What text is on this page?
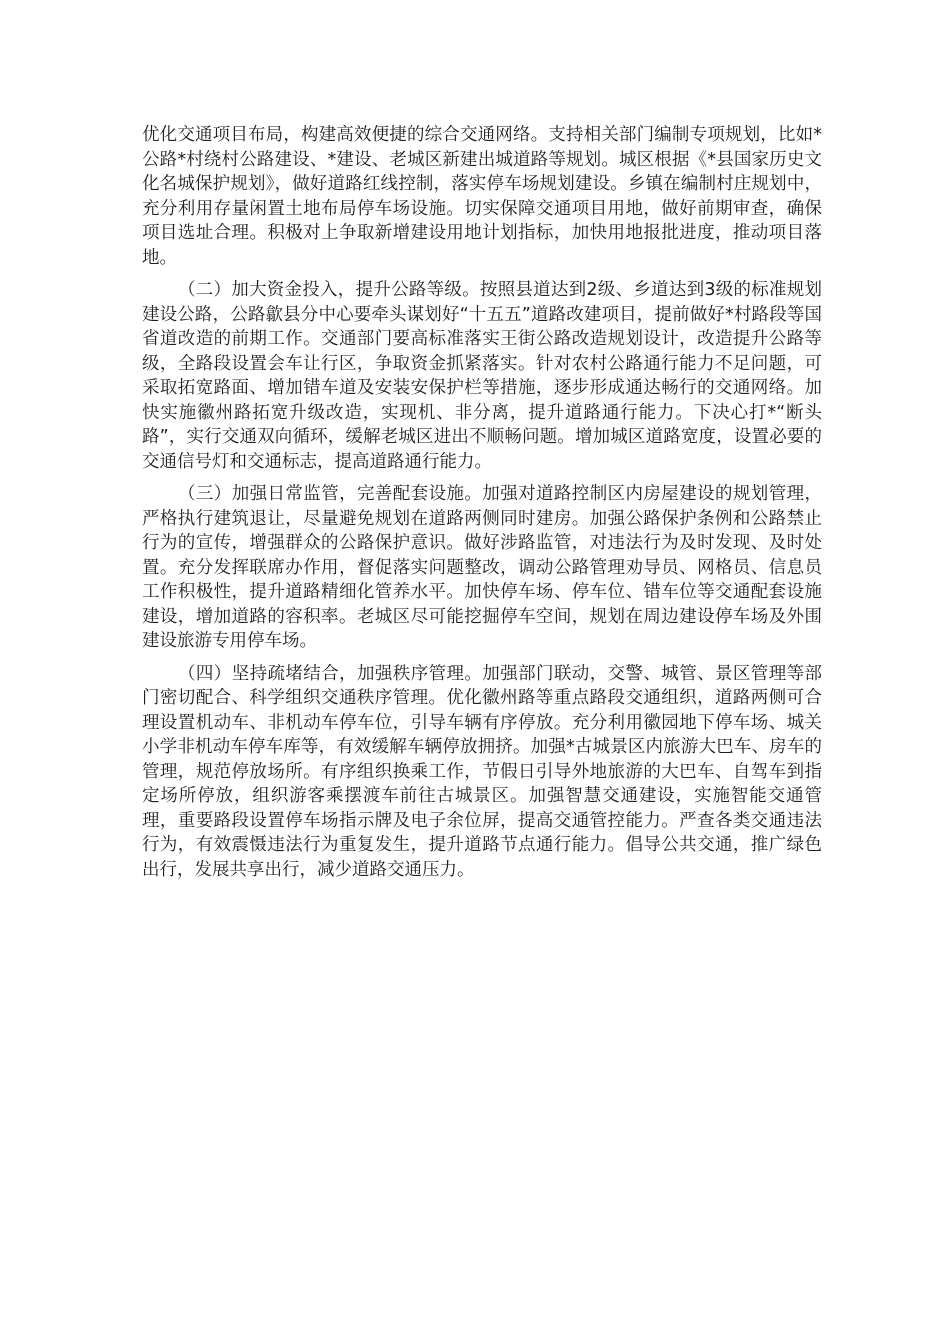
优化交通项目布局，构建高效便捷的综合交通网络。支持相关部门编制专项规划，比如*公路*村绕村公路建设、*建设、老城区新建出城道路等规划。城区根据《*县国家历史文化名城保护规划》，做好道路红线控制，落实停车场规划建设。乡镇在编制村庄规划中，充分利用存量闲置土地布局停车场设施。切实保障交通项目用地，做好前期审查，确保项目选址合理。积极对上争取新增建设用地计划指标，加快用地报批进度，推动项目落地。

（二）加大资金投入，提升公路等级。按照县道达到2级、乡道达到3级的标准规划建设公路，公路歙县分中心要牵头谋划好“十五五”道路改建项目，提前做好*村路段等国省道改造的前期工作。交通部门要高标准落实王街公路改造规划设计，改造提升公路等级，全路段设置会车让行区，争取资金抓紧落实。针对农村公路通行能力不足问题，可采取拓宽路面、增加错车道及安装安保护栏等措施，逐步形成通达畅行的交通网络。加快实施徽州路拓宽升级改造，实现机、非分离，提升道路通行能力。下决心打*“断头路”，实行交通双向循环，缓解老城区进出不顺畅问题。增加城区道路宽度，设置必要的交通信号灯和交通标志，提高道路通行能力。

（三）加强日常监管，完善配套设施。加强对道路控制区内房屋建设的规划管理，严格执行建筑退让，尽量避免规划在道路两侧同时建房。加强公路保护条例和公路禁止行为的宣传，增强群众的公路保护意识。做好涉路监管，对违法行为及时发现、及时处置。充分发挥联席办作用，督促落实问题整改，调动公路管理劝导员、网格员、信息员工作积极性，提升道路精细化管养水平。加快停车场、停车位、错车位等交通配套设施建设，增加道路的容积率。老城区尽可能挖掘停车空间，规划在周边建设停车场及外围建设旅游专用停车场。

（四）坚持疏堵结合，加强秩序管理。加强部门联动，交警、城管、景区管理等部门密切配合、科学组织交通秩序管理。优化徽州路等重点路段交通组织，道路两侧可合理设置机动车、非机动车停车位，引导车辆有序停放。充分利用徽园地下停车场、城关小学非机动车停车库等，有效缓解车辆停放拥挤。加强*古城景区内旅游大巴车、房车的管理，规范停放场所。有序组织换乘工作，节假日引导外地旅游的大巴车、自驾车到指定场所停放，组织游客乘摆渡车前往古城景区。加强智慧交通建设，实施智能交通管理，重要路段设置停车场指示牌及电子余位屏，提高交通管控能力。严查各类交通违法行为，有效震慑违法行为重复发生，提升道路节点通行能力。倡导公共交通，推广绿色出行，发展共享出行，减少道路交通压力。
